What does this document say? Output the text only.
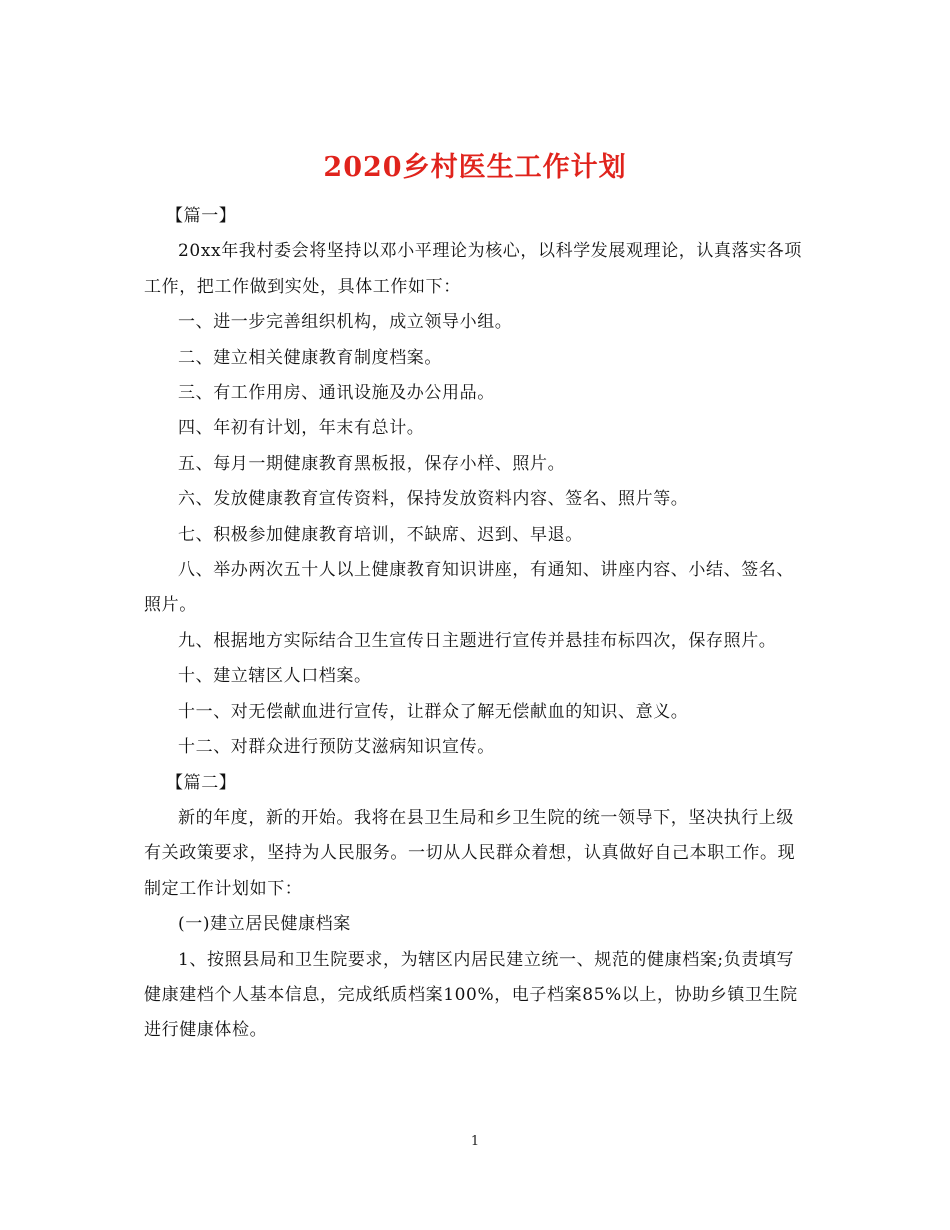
2020乡村医生工作计划

【篇一】

20xx年我村委会将坚持以邓小平理论为核心，以科学发展观理论，认真落实各项工作，把工作做到实处，具体工作如下：

一、进一步完善组织机构，成立领导小组。

二、建立相关健康教育制度档案。

三、有工作用房、通讯设施及办公用品。

四、年初有计划，年末有总计。

五、每月一期健康教育黑板报，保存小样、照片。

六、发放健康教育宣传资料，保持发放资料内容、签名、照片等。

七、积极参加健康教育培训，不缺席、迟到、早退。

八、举办两次五十人以上健康教育知识讲座，有通知、讲座内容、小结、签名、照片。

九、根据地方实际结合卫生宣传日主题进行宣传并悬挂布标四次，保存照片。

十、建立辖区人口档案。

十一、对无偿献血进行宣传，让群众了解无偿献血的知识、意义。

十二、对群众进行预防艾滋病知识宣传。

【篇二】

新的年度，新的开始。我将在县卫生局和乡卫生院的统一领导下，坚决执行上级有关政策要求，坚持为人民服务。一切从人民群众着想，认真做好自己本职工作。现制定工作计划如下：

(一)建立居民健康档案

1、按照县局和卫生院要求，为辖区内居民建立统一、规范的健康档案;负责填写健康建档个人基本信息，完成纸质档案100%，电子档案85%以上，协助乡镇卫生院进行健康体检。

1
